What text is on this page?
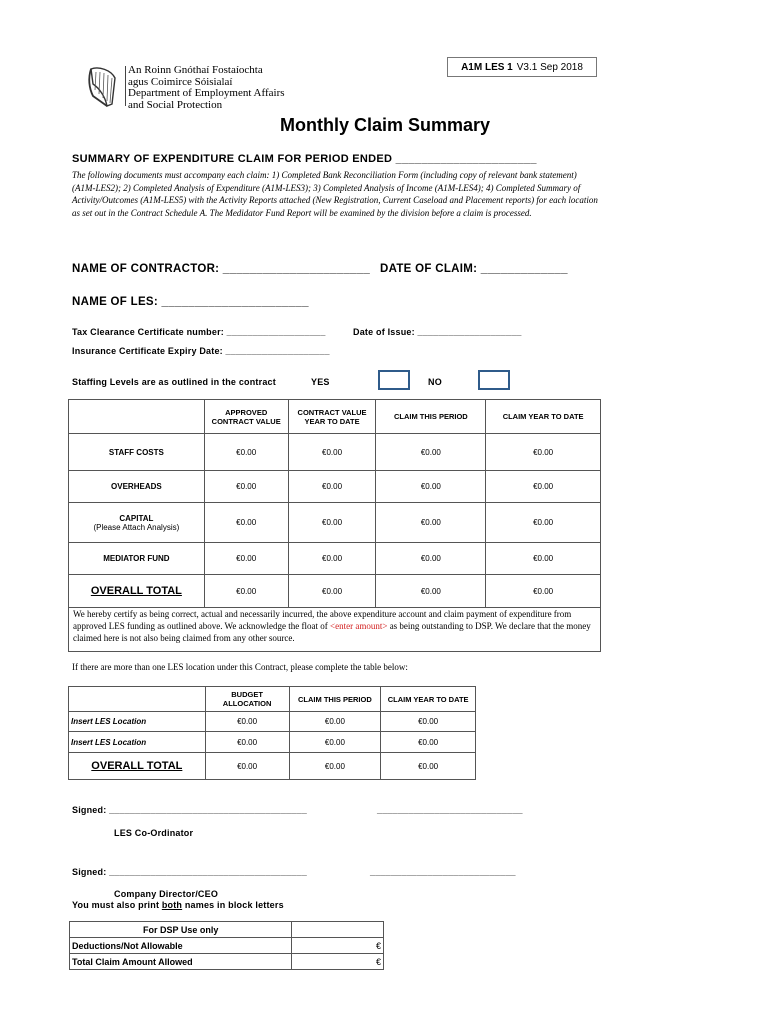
A1M LES 1 V3.1 Sep 2018
An Roinn Gnóthaí Fostaíochta
agus Coimirce Sóisialaí
Department of Employment Affairs
and Social Protection
Monthly Claim Summary
SUMMARY OF EXPENDITURE CLAIM FOR PERIOD ENDED ______________________
The following documents must accompany each claim: 1) Completed Bank Reconciliation Form (including copy of relevant bank statement) (A1M-LES2); 2) Completed Analysis of Expenditure (A1M-LES3); 3) Completed Analysis of Income (A1M-LES4); 4) Completed Summary of Activity/Outcomes (A1M-LES5) with the Activity Reports attached (New Registration, Current Caseload and Placement reports) for each location as set out in the Contract Schedule A. The Medidator Fund Report will be examined by the division before a claim is processed.
NAME OF CONTRACTOR: ______________________ DATE OF CLAIM: _____________
NAME OF LES: ______________________
Tax Clearance Certificate number: ___________________	Date of Issue: ____________________
Insurance Certificate Expiry Date: ____________________
Staffing Levels are as outlined in the contract	YES	NO
	APPROVED CONTRACT VALUE	CONTRACT VALUE YEAR TO DATE	CLAIM THIS PERIOD	CLAIM YEAR TO DATE
STAFF COSTS	€0.00	€0.00	€0.00	€0.00
OVERHEADS	€0.00	€0.00	€0.00	€0.00

CAPITAL
(Please Attach Analysis)	€0.00	€0.00	€0.00	€0.00
MEDIATOR FUND	€0.00	€0.00	€0.00	€0.00
OVERALL TOTAL	€0.00	€0.00	€0.00	€0.00
We hereby certify as being correct, actual and necessarily incurred, the above expenditure account and claim payment of expenditure from approved LES funding as outlined above. We acknowledge the float of <enter amount> as being outstanding to DSP. We declare that the money claimed here is not also being claimed from any other source.
If there are more than one LES location under this Contract, please complete the table below:
	BUDGET ALLOCATION	CLAIM THIS PERIOD	CLAIM YEAR TO DATE
Insert LES Location	€0.00	€0.00	€0.00
Insert LES Location	€0.00	€0.00	€0.00
OVERALL TOTAL	€0.00	€0.00	€0.00
Signed: ______________________________________	____________________________
LES Co-Ordinator
Signed: ______________________________________	____________________________
Company Director/CEO
You must also print both names in block letters
For DSP Use only	
Deductions/Not Allowable	€
Total Claim Amount Allowed	€
